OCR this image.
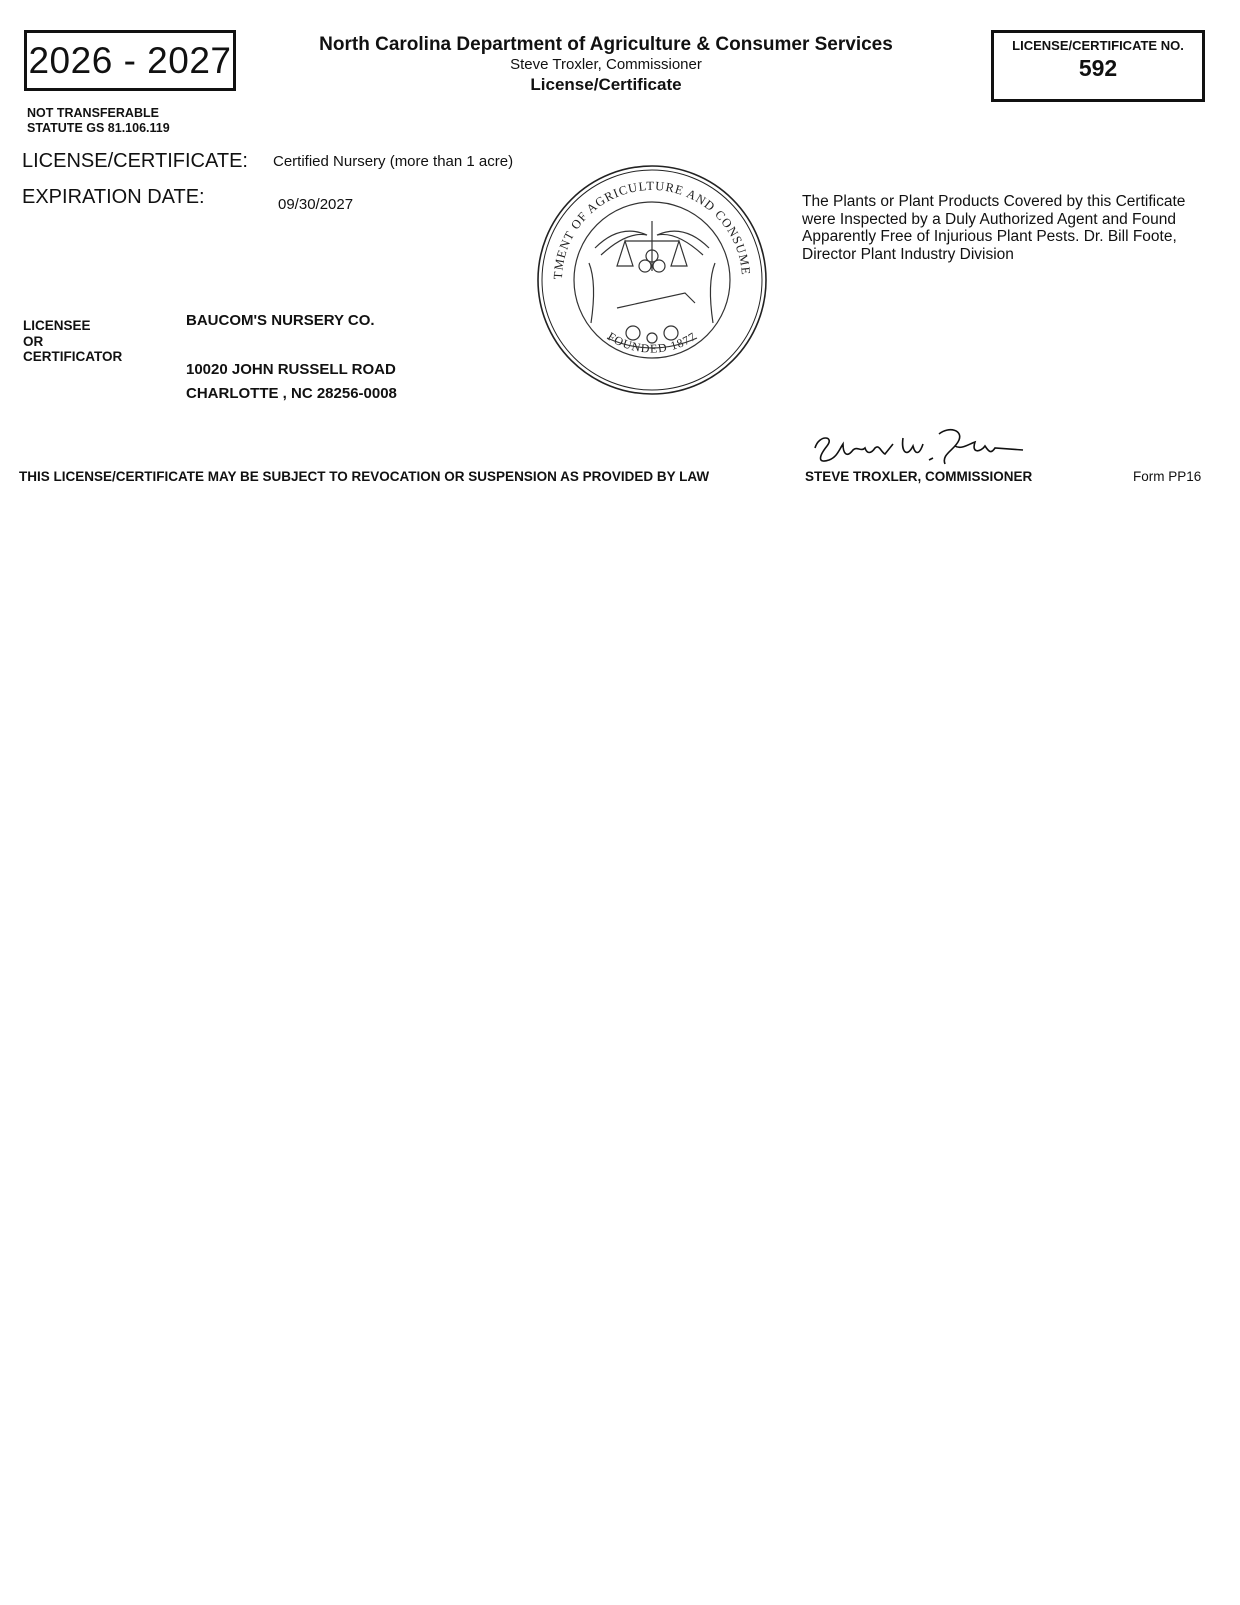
2026 - 2027
NOT TRANSFERABLE
STATUTE GS 81.106.119
North Carolina Department of Agriculture & Consumer Services
Steve Troxler, Commissioner
License/Certificate
LICENSE/CERTIFICATE NO.
592
LICENSE/CERTIFICATE: Certified Nursery (more than 1 acre)
EXPIRATION DATE:	09/30/2027
TMENT OF AGRICULTURE AND CONSUME
FOUNDED 1877
The Plants or Plant Products Covered by this Certificate were Inspected by a Duly Authorized Agent and Found Apparently Free of Injurious Plant Pests. Dr. Bill Foote, Director Plant Industry Division
LICENSEE
OR
CERTIFICATOR
BAUCOM'S NURSERY CO.
10020 JOHN RUSSELL ROAD
CHARLOTTE , NC 28256-0008
THIS LICENSE/CERTIFICATE MAY BE SUBJECT TO REVOCATION OR SUSPENSION AS PROVIDED BY LAW	STEVE TROXLER, COMMISSIONER	Form PP16
